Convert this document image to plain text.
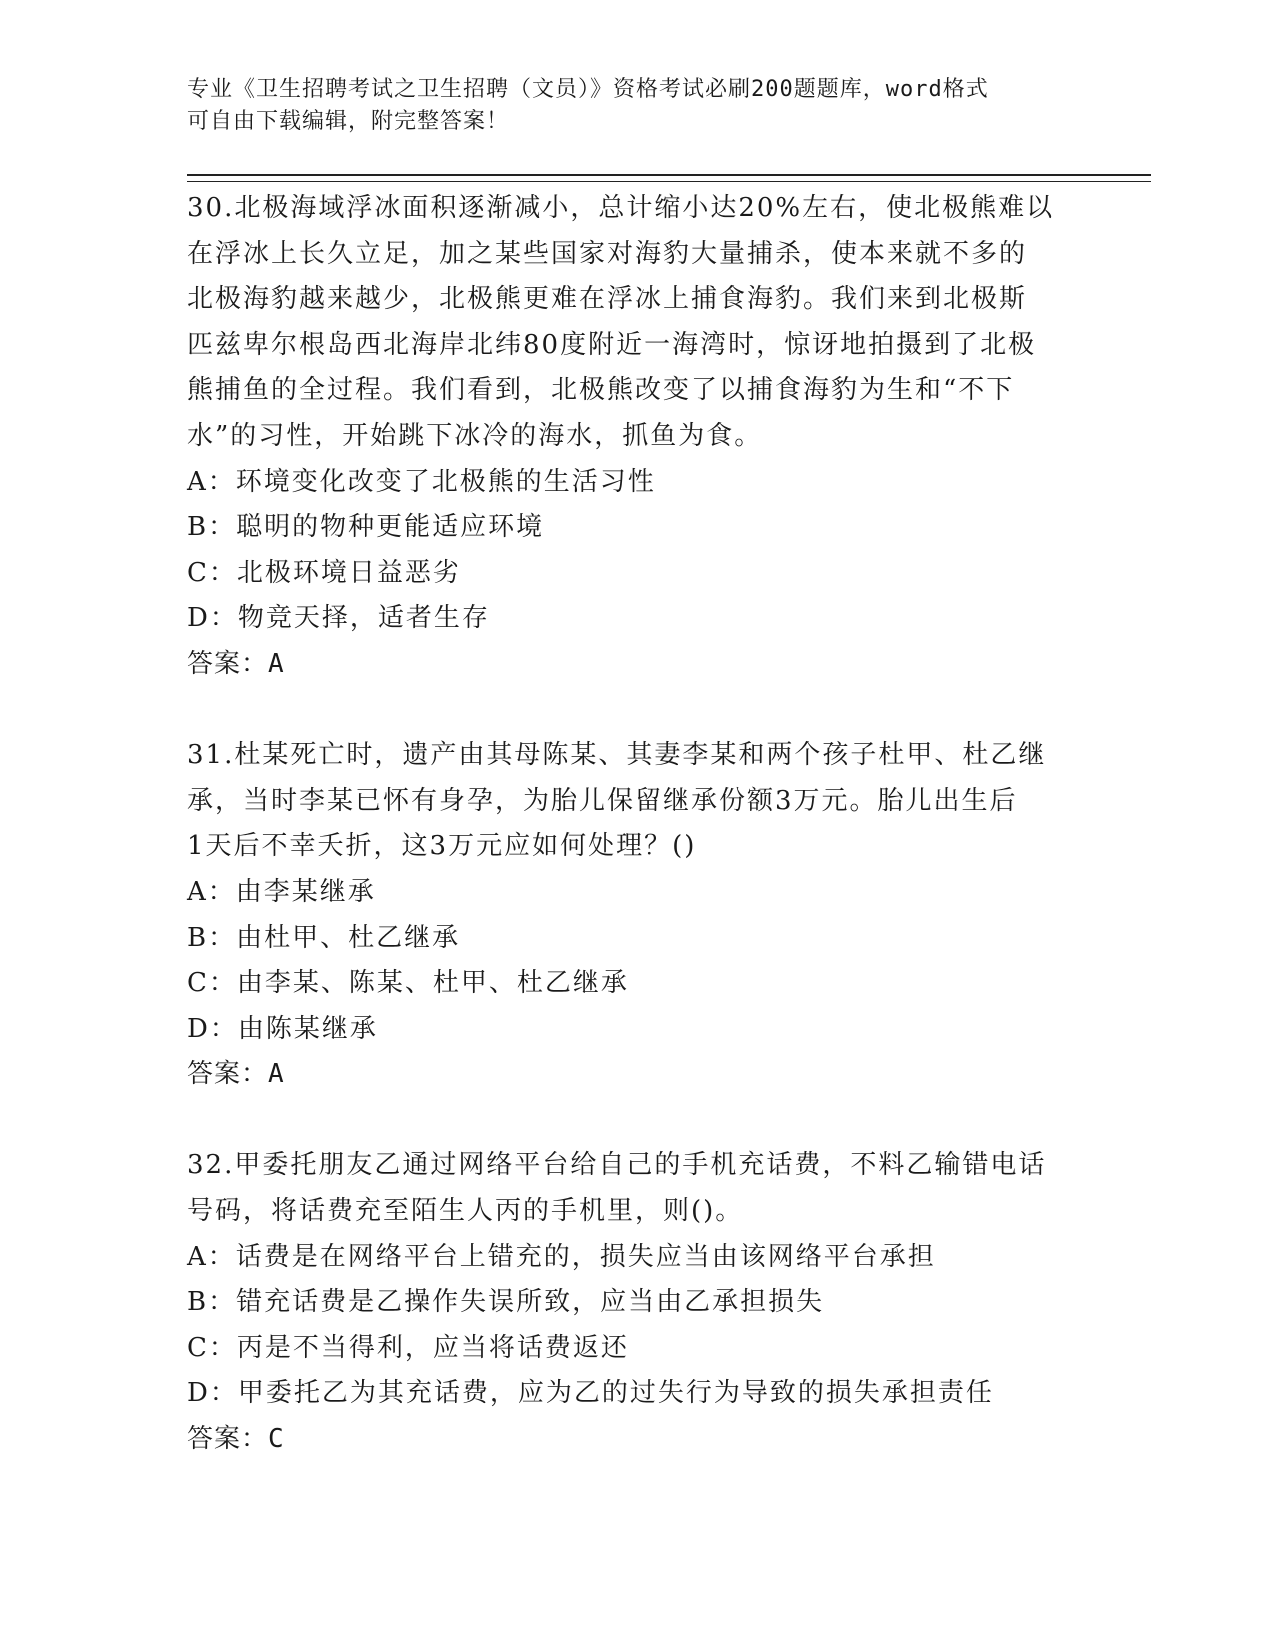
专业《卫生招聘考试之卫生招聘（文员）》资格考试必刷200题题库，word格式
可自由下载编辑，附完整答案！
30.北极海域浮冰面积逐渐减小，总计缩小达20%左右，使北极熊难以
在浮冰上长久立足，加之某些国家对海豹大量捕杀，使本来就不多的
北极海豹越来越少，北极熊更难在浮冰上捕食海豹。我们来到北极斯
匹兹卑尔根岛西北海岸北纬80度附近一海湾时，惊讶地拍摄到了北极
熊捕鱼的全过程。我们看到，北极熊改变了以捕食海豹为生和“不下
水”的习性，开始跳下冰冷的海水，抓鱼为食。
A：环境变化改变了北极熊的生活习性
B：聪明的物种更能适应环境
C：北极环境日益恶劣
D：物竞天择，适者生存
答案：A
31.杜某死亡时，遗产由其母陈某、其妻李某和两个孩子杜甲、杜乙继
承，当时李某已怀有身孕，为胎儿保留继承份额3万元。胎儿出生后
1天后不幸夭折，这3万元应如何处理？()
A：由李某继承
B：由杜甲、杜乙继承
C：由李某、陈某、杜甲、杜乙继承
D：由陈某继承
答案：A
32.甲委托朋友乙通过网络平台给自己的手机充话费，不料乙输错电话
号码，将话费充至陌生人丙的手机里，则()。
A：话费是在网络平台上错充的，损失应当由该网络平台承担
B：错充话费是乙操作失误所致，应当由乙承担损失
C：丙是不当得利，应当将话费返还
D：甲委托乙为其充话费，应为乙的过失行为导致的损失承担责任
答案：C
